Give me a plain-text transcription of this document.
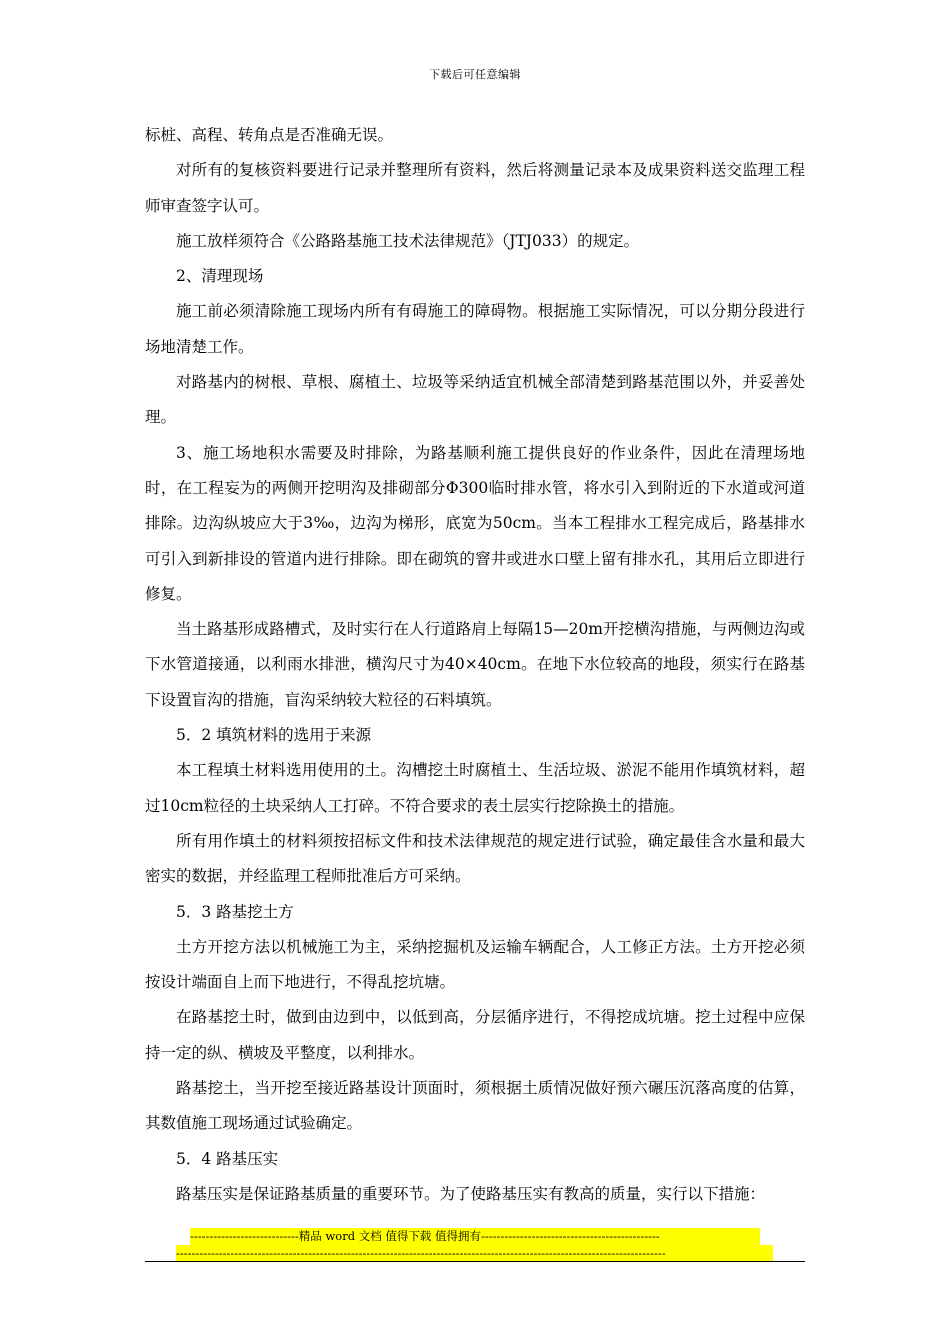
下载后可任意编辑

标桩、高程、转角点是否准确无误。

对所有的复核资料要进行记录并整理所有资料，然后将测量记录本及成果资料送交监理工程师审查签字认可。

施工放样须符合《公路路基施工技术法律规范》（JTJ033）的规定。

2、清理现场

施工前必须清除施工现场内所有有碍施工的障碍物。根据施工实际情况，可以分期分段进行场地清楚工作。

对路基内的树根、草根、腐植土、垃圾等采纳适宜机械全部清楚到路基范围以外，并妥善处理。

3、施工场地积水需要及时排除，为路基顺利施工提供良好的作业条件，因此在清理场地时，在工程妄为的两侧开挖明沟及排砌部分Φ300临时排水管，将水引入到附近的下水道或河道排除。边沟纵坡应大于3‰，边沟为梯形，底宽为50cm。当本工程排水工程完成后，路基排水可引入到新排设的管道内进行排除。即在砌筑的窨井或进水口壁上留有排水孔，其用后立即进行修复。

当土路基形成路槽式，及时实行在人行道路肩上每隔15—20m开挖横沟措施，与两侧边沟或下水管道接通，以利雨水排泄，横沟尺寸为40×40cm。在地下水位较高的地段，须实行在路基下设置盲沟的措施，盲沟采纳较大粒径的石料填筑。

5．2 填筑材料的选用于来源

本工程填土材料选用使用的土。沟槽挖土时腐植土、生活垃圾、淤泥不能用作填筑材料，超过10cm粒径的土块采纳人工打碎。不符合要求的表土层实行挖除换土的措施。

所有用作填土的材料须按招标文件和技术法律规范的规定进行试验，确定最佳含水量和最大密实的数据，并经监理工程师批准后方可采纳。

5．3 路基挖土方

土方开挖方法以机械施工为主，采纳挖掘机及运输车辆配合，人工修正方法。土方开挖必须按设计端面自上而下地进行，不得乱挖坑塘。

在路基挖土时，做到由边到中，以低到高，分层循序进行，不得挖成坑塘。挖土过程中应保持一定的纵、横坡及平整度，以利排水。

路基挖土，当开挖至接近路基设计顶面时，须根据土质情况做好预六碾压沉落高度的估算，其数值施工现场通过试验确定。

5．4 路基压实

路基压实是保证路基质量的重要环节。为了使路基压实有教高的质量，实行以下措施：

----------------------------精品 word 文档 值得下载 值得拥有----------------------------------------------
------------------------------------------------------------------------------------------------------------------------------
